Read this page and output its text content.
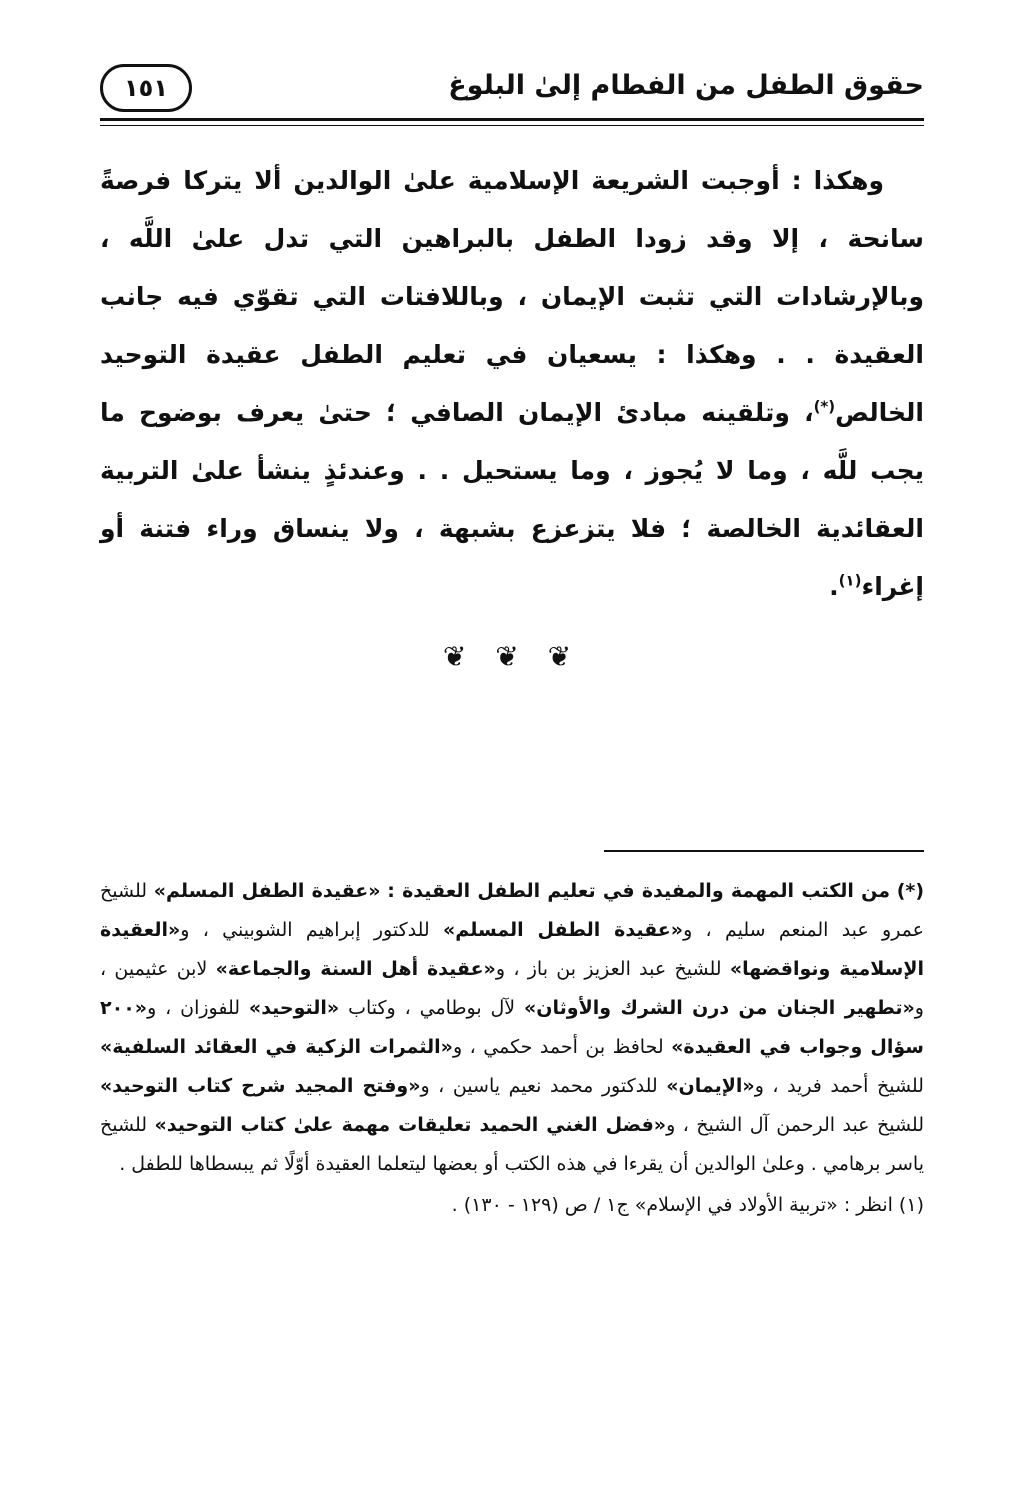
حقوق الطفل من الفطام إلىٰ البلوغ
١٥١
وهكذا : أوجبت الشريعة الإسلامية علىٰ الوالدين ألا يتركا فرصةً سانحة ، إلا وقد زودا الطفل بالبراهين التي تدل علىٰ اللَّه ، وبالإرشادات التي تثبت الإيمان ، وباللافتات التي تقوّي فيه جانب العقيدة . . وهكذا : يسعيان في تعليم الطفل عقيدة التوحيد الخالص(*)، وتلقينه مبادئ الإيمان الصافي ؛ حتىٰ يعرف بوضوح ما يجب للَّه ، وما لا يُجوز ، وما يستحيل . . وعندئذٍ ينشأ علىٰ التربية العقائدية الخالصة ؛ فلا يتزعزع بشبهة ، ولا ينساق وراء فتنة أو إغراء$^{(١)}$.
❦ ❦ ❦
(*) من الكتب المهمة والمفيدة في تعليم الطفل العقيدة : «عقيدة الطفل المسلم» للشيخ عمرو عبد المنعم سليم ، و«عقيدة الطفل المسلم» للدكتور إبراهيم الشوبيني ، و«العقيدة الإسلامية ونواقضها» للشيخ عبد العزيز بن باز ، و«عقيدة أهل السنة والجماعة» لابن عثيمين ، و«تطهير الجنان من درن الشرك والأوثان» لآل بوطامي ، وكتاب «التوحيد» للفوزان ، و«٢٠٠ سؤال وجواب في العقيدة» لحافظ بن أحمد حكمي ، و«الثمرات الزكية في العقائد السلفية» للشيخ أحمد فريد ، و«الإيمان» للدكتور محمد نعيم ياسين ، و«وفتح المجيد شرح كتاب التوحيد» للشيخ عبد الرحمن آل الشيخ ، و«فضل الغني الحميد تعليقات مهمة علىٰ كتاب التوحيد» للشيخ ياسر برهامي . وعلىٰ الوالدين أن يقرءا في هذه الكتب أو بعضها ليتعلما العقيدة أوّلًا ثم يبسطاها للطفل .
(١) انظر : «تربية الأولاد في الإسلام» ج١ / ص (١٢٩ - ١٣٠) .
